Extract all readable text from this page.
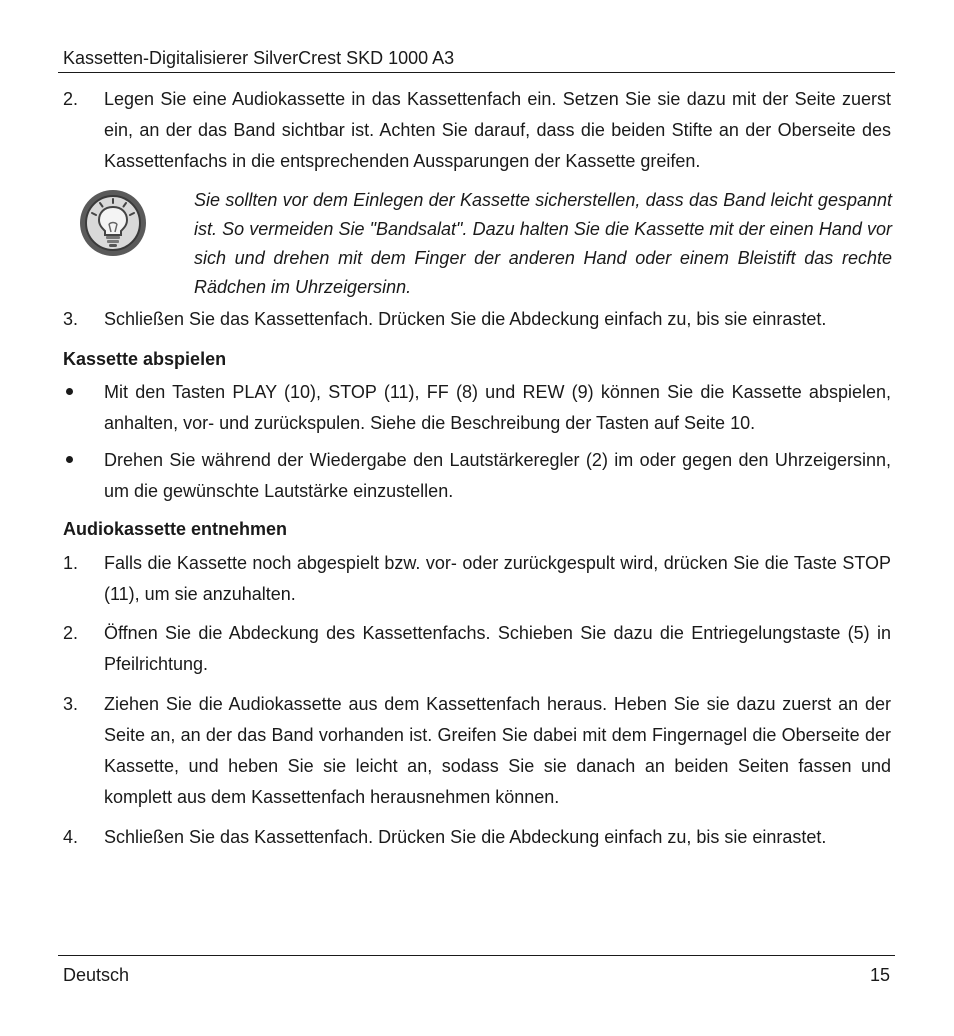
Kassetten-Digitalisierer SilverCrest SKD 1000 A3
2.	Legen Sie eine Audiokassette in das Kassettenfach ein. Setzen Sie sie dazu mit der Seite zuerst ein, an der das Band sichtbar ist. Achten Sie darauf, dass die beiden Stifte an der Oberseite des Kassettenfachs in die entsprechenden Aussparungen der Kassette greifen.
Sie sollten vor dem Einlegen der Kassette sicherstellen, dass das Band leicht gespannt ist. So vermeiden Sie "Bandsalat". Dazu halten Sie die Kassette mit der einen Hand vor sich und drehen mit dem Finger der anderen Hand oder einem Bleistift das rechte Rädchen im Uhrzeigersinn.
3.	Schließen Sie das Kassettenfach. Drücken Sie die Abdeckung einfach zu, bis sie einrastet.
Kassette abspielen
Mit den Tasten PLAY (10), STOP (11), FF (8) und REW (9) können Sie die Kassette abspielen, anhalten, vor- und zurückspulen. Siehe die Beschreibung der Tasten auf Seite 10.
Drehen Sie während der Wiedergabe den Lautstärkeregler (2) im oder gegen den Uhrzeigersinn, um die gewünschte Lautstärke einzustellen.
Audiokassette entnehmen
1.	Falls die Kassette noch abgespielt bzw. vor- oder zurückgespult wird, drücken Sie die Taste STOP (11), um sie anzuhalten.
2.	Öffnen Sie die Abdeckung des Kassettenfachs. Schieben Sie dazu die Entriegelungstaste (5) in Pfeilrichtung.
3.	Ziehen Sie die Audiokassette aus dem Kassettenfach heraus. Heben Sie sie dazu zuerst an der Seite an, an der das Band vorhanden ist. Greifen Sie dabei mit dem Fingernagel die Oberseite der Kassette, und heben Sie sie leicht an, sodass Sie sie danach an beiden Seiten fassen und komplett aus dem Kassettenfach herausnehmen können.
4.	Schließen Sie das Kassettenfach. Drücken Sie die Abdeckung einfach zu, bis sie einrastet.
Deutsch	15
